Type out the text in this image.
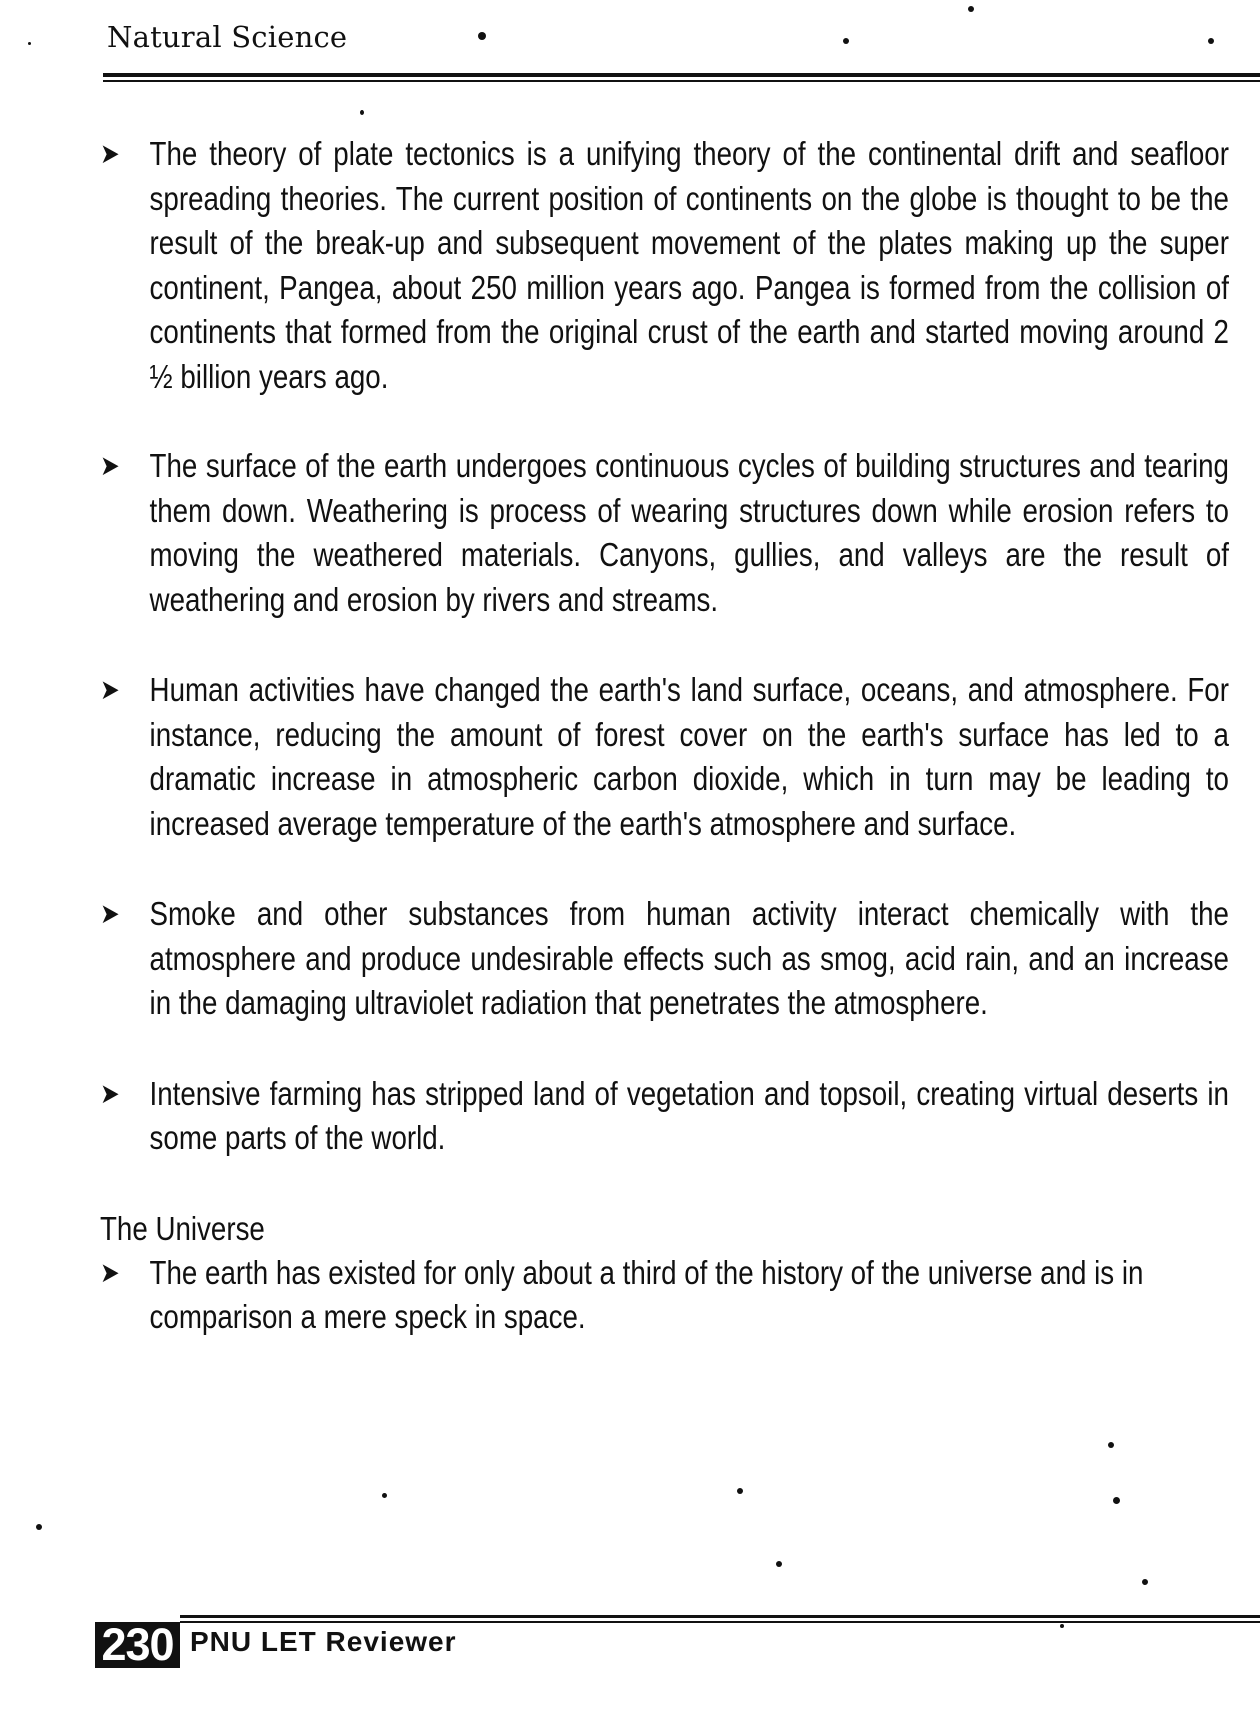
Natural Science
➤ The theory of plate tectonics is a unifying theory of the continental drift and seafloor spreading theories. The current position of continents on the globe is thought to be the result of the break-up and subsequent movement of the plates making up the super continent, Pangea, about 250 million years ago. Pangea is formed from the collision of continents that formed from the original crust of the earth and started moving around 2 ½ billion years ago.
➤ The surface of the earth undergoes continuous cycles of building structures and tearing them down. Weathering is process of wearing structures down while erosion refers to moving the weathered materials. Canyons, gullies, and valleys are the result of weathering and erosion by rivers and streams.
➤ Human activities have changed the earth's land surface, oceans, and atmosphere. For instance, reducing the amount of forest cover on the earth's surface has led to a dramatic increase in atmospheric carbon dioxide, which in turn may be leading to increased average temperature of the earth's atmosphere and surface.
➤ Smoke and other substances from human activity interact chemically with the atmosphere and produce undesirable effects such as smog, acid rain, and an increase in the damaging ultraviolet radiation that penetrates the atmosphere.
➤ Intensive farming has stripped land of vegetation and topsoil, creating virtual deserts in some parts of the world.
The Universe
➤ The earth has existed for only about a third of the history of the universe and is in comparison a mere speck in space.
230 PNU LET Reviewer
